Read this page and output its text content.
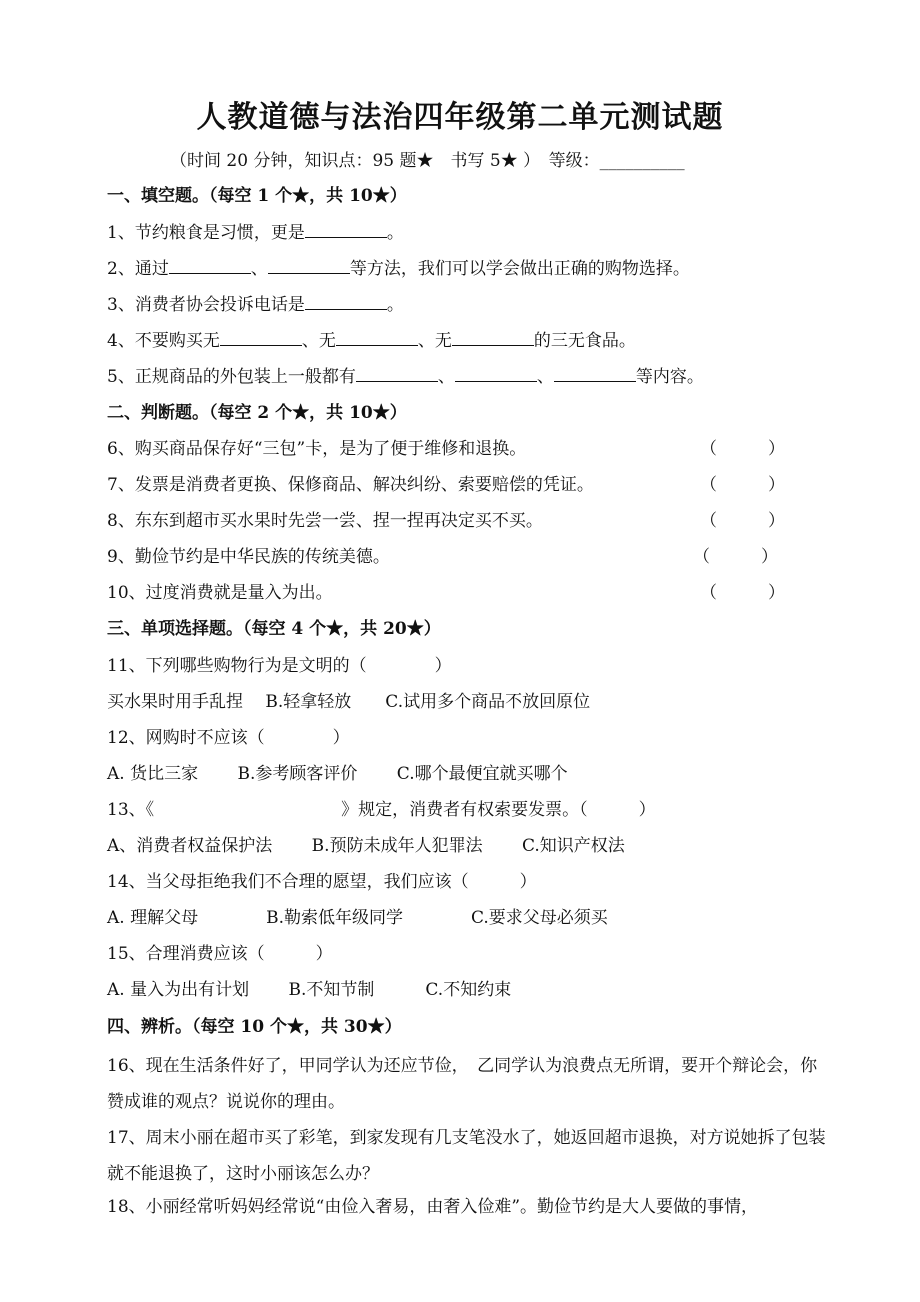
人教道德与法治四年级第二单元测试题
（时间 20 分钟，知识点：95 题★　书写 5★ ）　等级：__________
一、填空题。（每空 1 个★，共 10★）
1、节约粮食是习惯，更是	。
2、通过	、	等方法，我们可以学会做出正确的购物选择。
3、消费者协会投诉电话是	。
4、不要购买无	、无	、无	的三无食品。
5、正规商品的外包装上一般都有	、	、	等内容。
二、判断题。（每空 2 个★，共 10★）
6、购买商品保存好“三包”卡，是为了便于维修和退换。	（　　　）
7、发票是消费者更换、保修商品、解决纠纷、索要赔偿的凭证。	（　　　）
8、东东到超市买水果时先尝一尝、捏一捏再决定买不买。	（　　　）
9、勤俭节约是中华民族的传统美德。	（　　　）
10、过度消费就是量入为出。	（　　　）
三、单项选择题。（每空 4 个★，共 20★）
11、下列哪些购物行为是文明的（　　　　）
买水果时用手乱捏　 B.轻拿轻放　　C.试用多个商品不放回原位
12、网购时不应该（　　　　）
A. 货比三家　　 B.参考顾客评价　　 C.哪个最便宜就买哪个
13、《　　　　　　　　　　　》规定，消费者有权索要发票。（　　　）
A、消费者权益保护法　　 B.预防未成年人犯罪法　　 C.知识产权法
14、当父母拒绝我们不合理的愿望，我们应该（　　　）
A. 理解父母　　　　B.勒索低年级同学　　　　C.要求父母必须买
15、合理消费应该（　　　）
A. 量入为出有计划　　 B.不知节制　　　C.不知约束
四、辨析。（每空 10 个★，共 30★）
16、现在生活条件好了，甲同学认为还应节俭，　乙同学认为浪费点无所谓，要开个辩论会，你赞成谁的观点？说说你的理由。
17、周末小丽在超市买了彩笔，到家发现有几支笔没水了，她返回超市退换，对方说她拆了包装就不能退换了，这时小丽该怎么办？
18、小丽经常听妈妈经常说“由俭入奢易，由奢入俭难”。勤俭节约是大人要做的事情，
